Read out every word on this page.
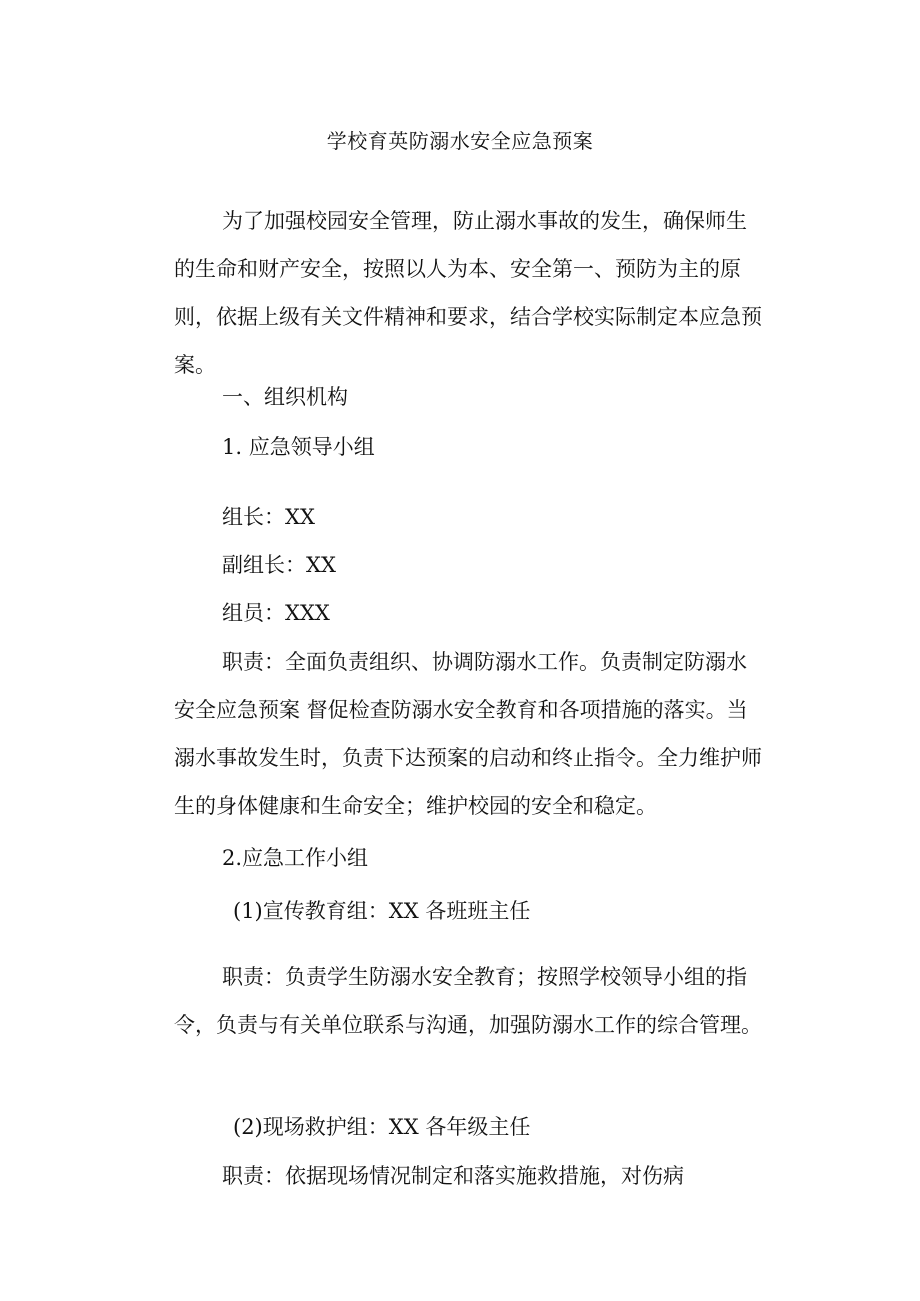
学校育英防溺水安全应急预案

为了加强校园安全管理，防止溺水事故的发生，确保师生的生命和财产安全，按照以人为本、安全第一、预防为主的原则，依据上级有关文件精神和要求，结合学校实际制定本应急预案。

一、组织机构
1. 应急领导小组
组长：XX
副组长：XX
组员：XXX

职责：全面负责组织、协调防溺水工作。负责制定防溺水安全应急预案 督促检查防溺水安全教育和各项措施的落实。当溺水事故发生时，负责下达预案的启动和终止指令。全力维护师生的身体健康和生命安全；维护校园的安全和稳定。

2.应急工作小组
(1)宣传教育组：XX 各班班主任

职责：负责学生防溺水安全教育；按照学校领导小组的指令，负责与有关单位联系与沟通，加强防溺水工作的综合管理。

(2)现场救护组：XX 各年级主任

职责：依据现场情况制定和落实施救措施，对伤病
